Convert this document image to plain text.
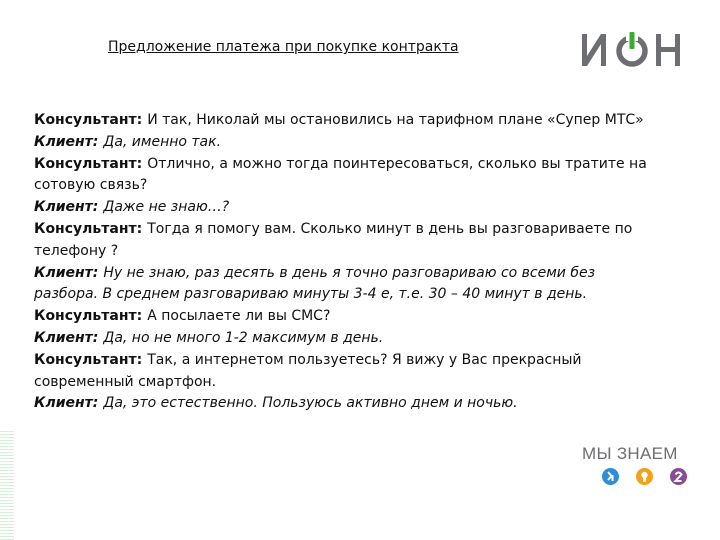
Предложение платежа при покупке контракта
Консультант: И так, Николай мы остановились на тарифном плане «Супер МТС»
Клиент: Да, именно так.
Консультант: Отлично, а можно тогда поинтересоваться, сколько вы тратите на
сотовую связь?
Клиент: Даже не знаю…?
Консультант: Тогда я помогу вам. Сколько минут в день вы разговариваете по
телефону ?
Клиент: Ну не знаю, раз десять в день я точно разговариваю со всеми без
разбора. В среднем разговариваю минуты 3-4 е, т.е. 30 – 40 минут в день.
Консультант: А посылаете ли вы СМС?
Клиент: Да, но не много 1-2 максимум в день.
Консультант: Так, а интернетом пользуетесь? Я вижу у Вас прекрасный
современный смартфон.
Клиент: Да, это естественно. Пользуюсь активно днем и ночью.
МЫ ЗНАЕМ
